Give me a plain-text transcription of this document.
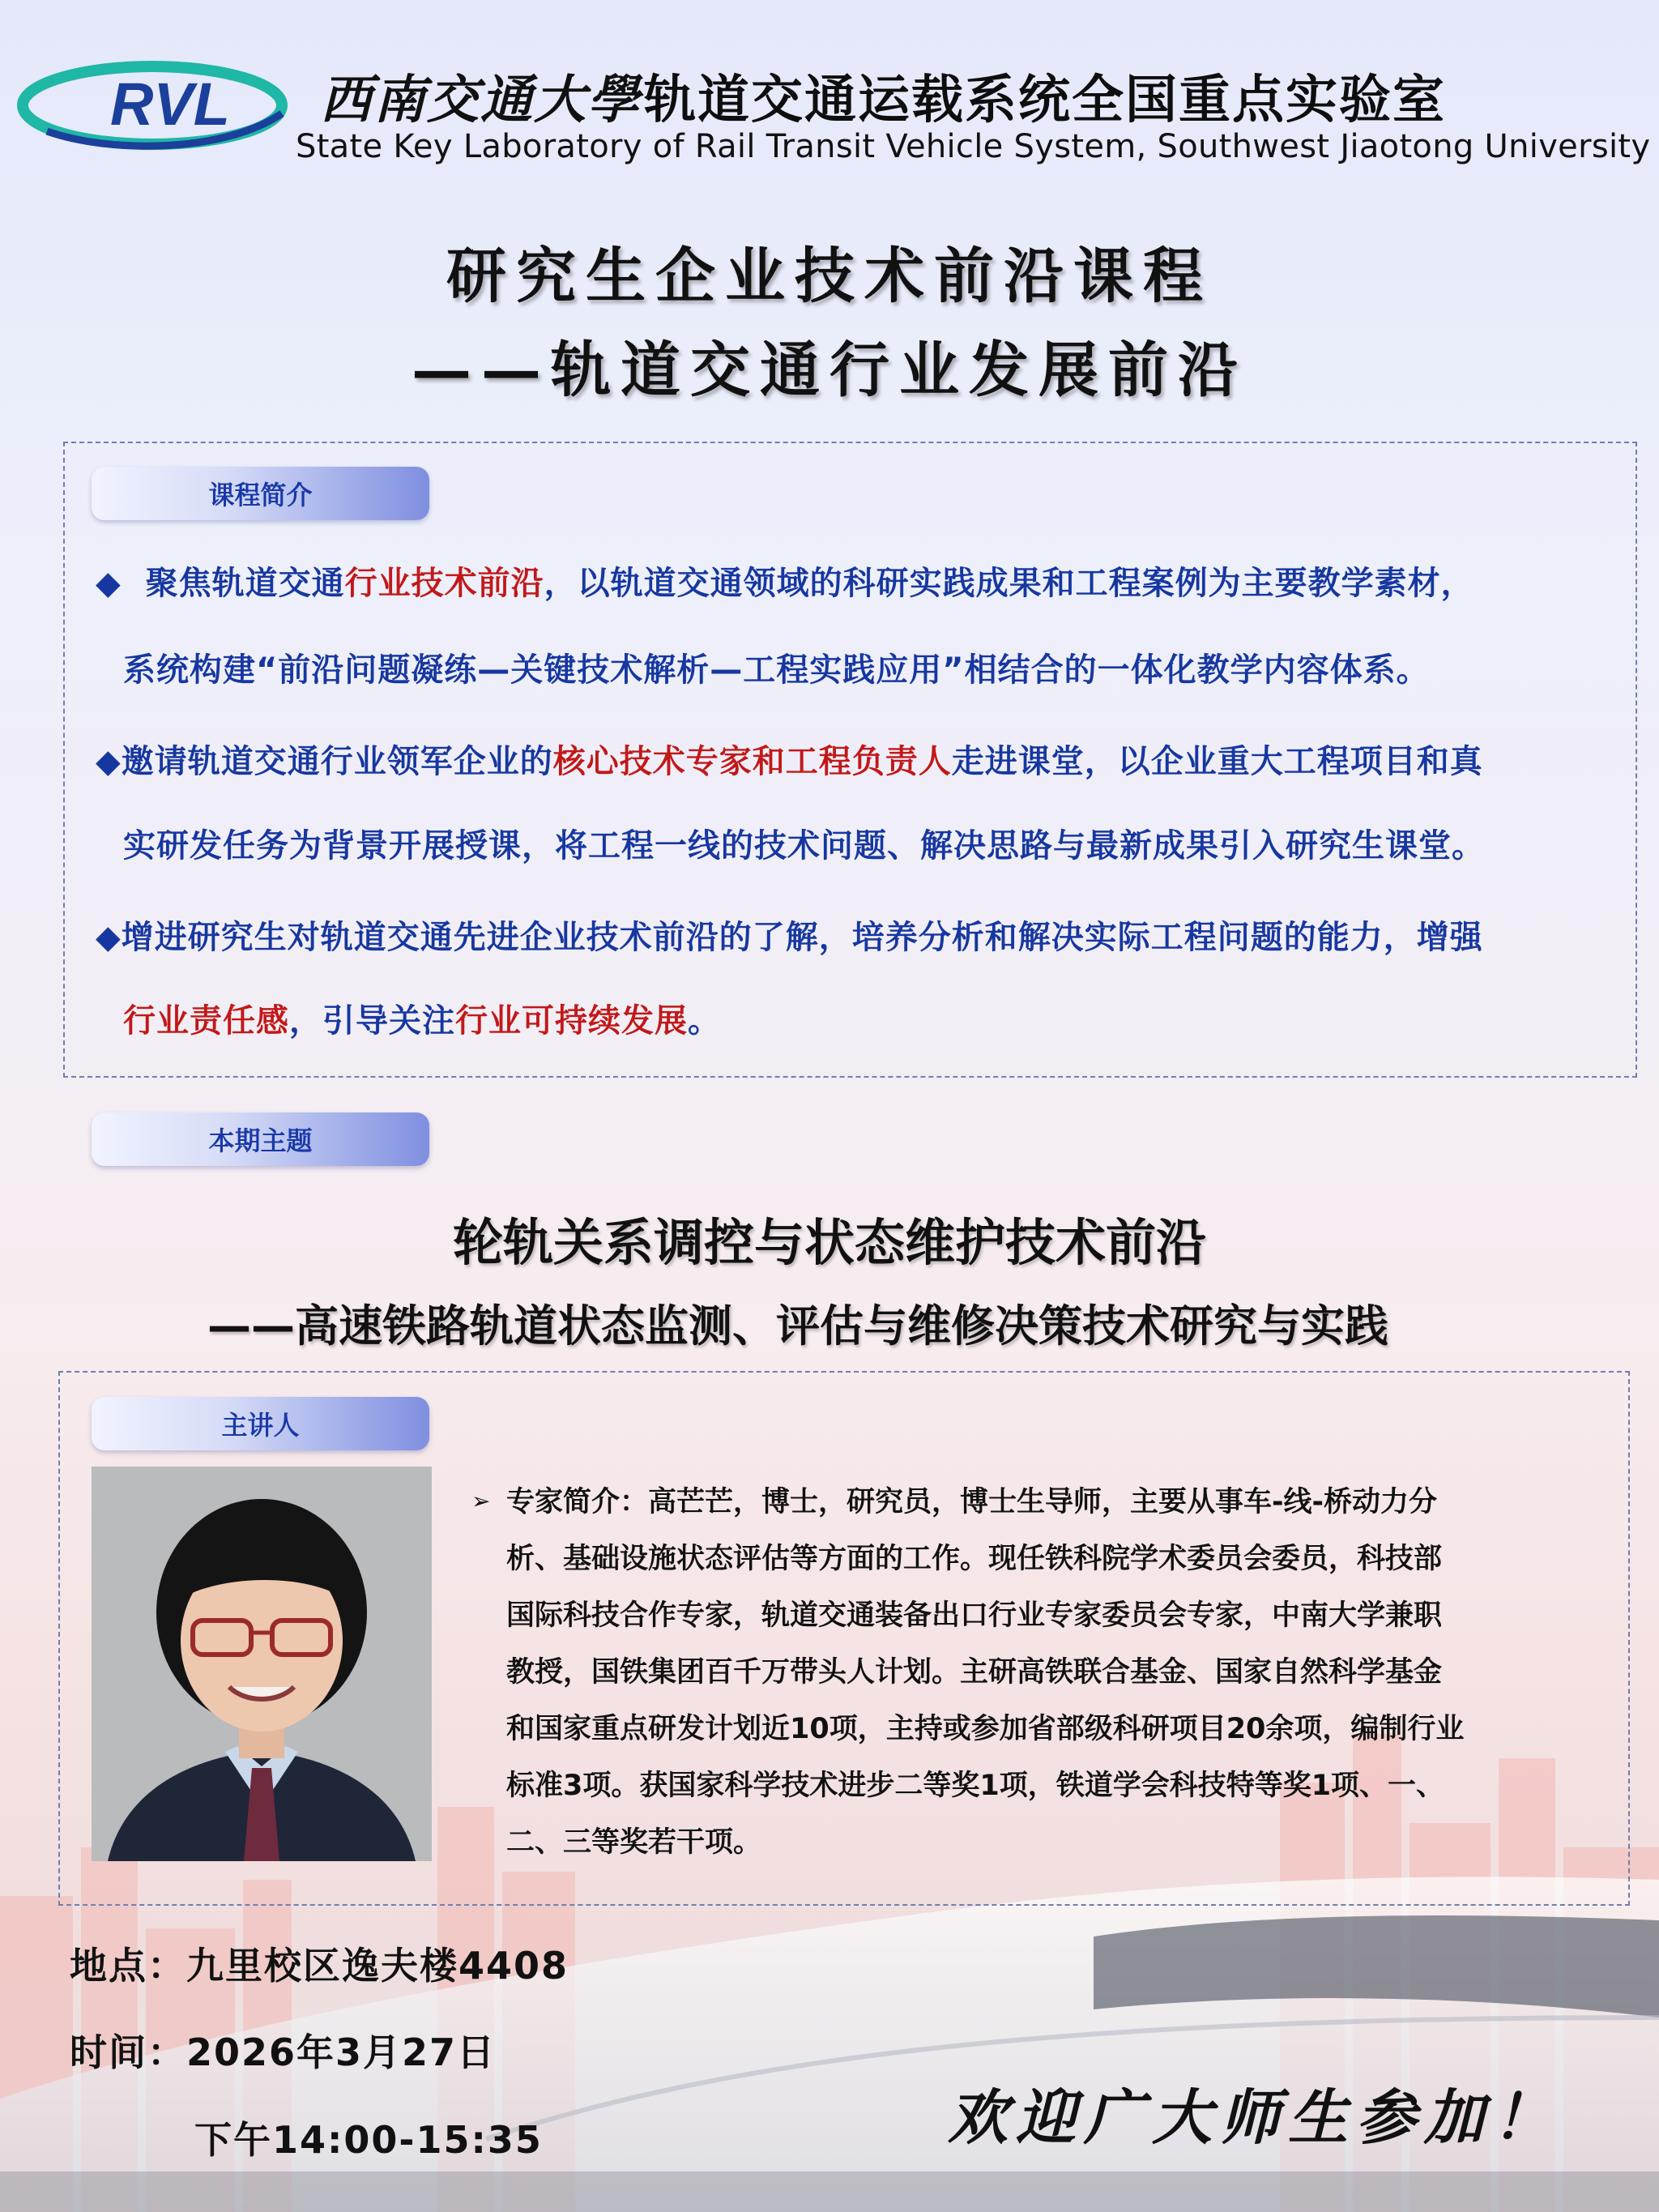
RVL 西南交通大學 轨道交通运载系统全国重点实验室
State Key Laboratory of Rail Transit Vehicle System, Southwest Jiaotong University
研究生企业技术前沿课程
——轨道交通行业发展前沿
课程简介
◆ 聚焦轨道交通行业技术前沿，以轨道交通领域的科研实践成果和工程案例为主要教学素材，
系统构建“前沿问题凝练—关键技术解析—工程实践应用”相结合的一体化教学内容体系。
◆邀请轨道交通行业领军企业的核心技术专家和工程负责人走进课堂，以企业重大工程项目和真
实研发任务为背景开展授课，将工程一线的技术问题、解决思路与最新成果引入研究生课堂。
◆增进研究生对轨道交通先进企业技术前沿的了解，培养分析和解决实际工程问题的能力，增强
行业责任感，引导关注行业可持续发展。
本期主题
轮轨关系调控与状态维护技术前沿
——高速铁路轨道状态监测、评估与维修决策技术研究与实践
主讲人
➢ 专家简介：高芒芒，博士，研究员，博士生导师，主要从事车-线-桥动力分
析、基础设施状态评估等方面的工作。现任铁科院学术委员会委员，科技部
国际科技合作专家，轨道交通装备出口行业专家委员会专家，中南大学兼职
教授，国铁集团百千万带头人计划。主研高铁联合基金、国家自然科学基金
和国家重点研发计划近10项，主持或参加省部级科研项目20余项，编制行业
标准3项。获国家科学技术进步二等奖1项，铁道学会科技特等奖1项、一、
二、三等奖若干项。
地点：九里校区逸夫楼4408
时间：2026年3月27日
下午14:00-15:35	欢迎广大师生参加！
